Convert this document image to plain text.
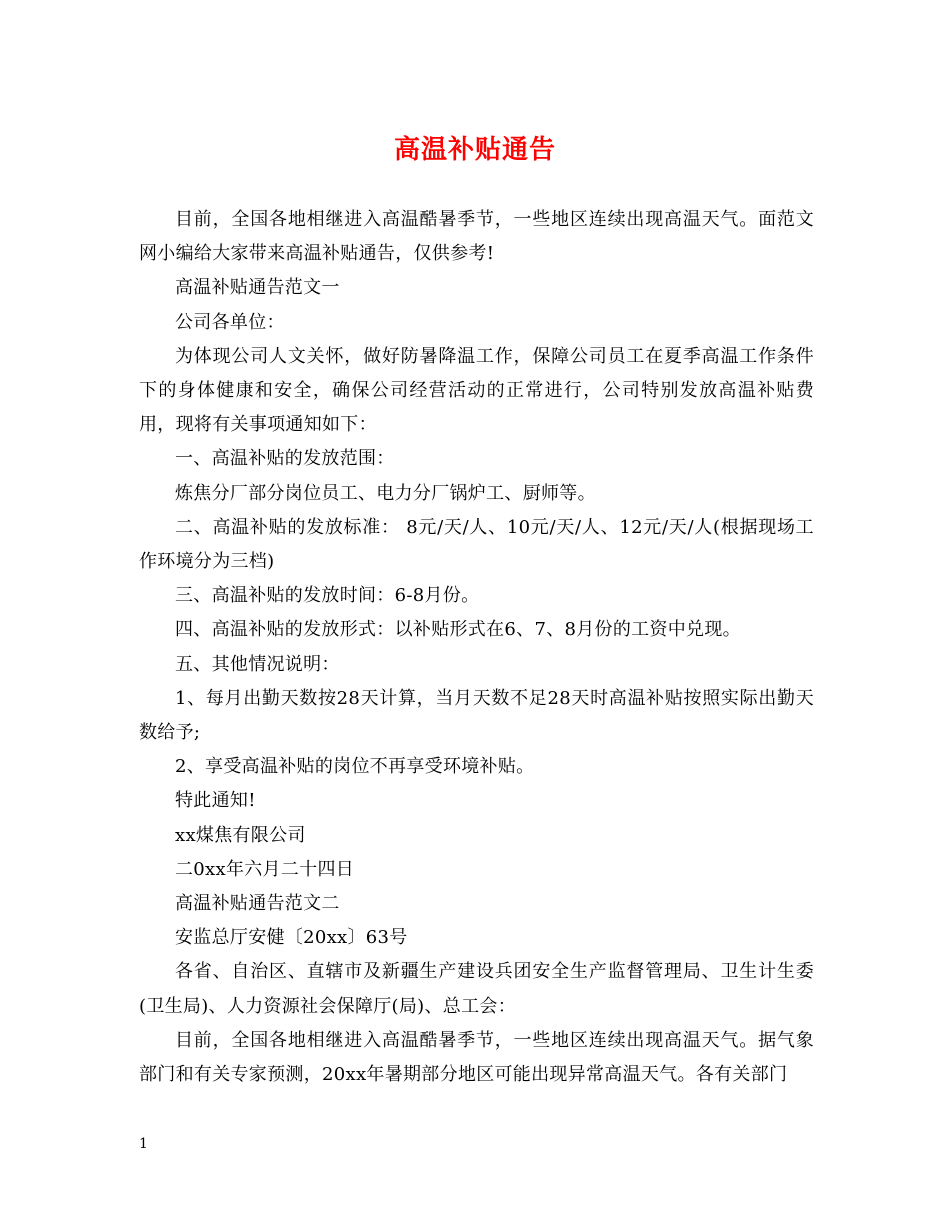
高温补贴通告

目前，全国各地相继进入高温酷暑季节，一些地区连续出现高温天气。面范文网小编给大家带来高温补贴通告，仅供参考!

高温补贴通告范文一

公司各单位：

为体现公司人文关怀，做好防暑降温工作，保障公司员工在夏季高温工作条件下的身体健康和安全，确保公司经营活动的正常进行，公司特别发放高温补贴费用，现将有关事项通知如下：

一、高温补贴的发放范围：

炼焦分厂部分岗位员工、电力分厂锅炉工、厨师等。

二、高温补贴的发放标准： 8元/天/人、10元/天/人、12元/天/人(根据现场工作环境分为三档)

三、高温补贴的发放时间：6-8月份。

四、高温补贴的发放形式：以补贴形式在6、7、8月份的工资中兑现。

五、其他情况说明：

1、每月出勤天数按28天计算，当月天数不足28天时高温补贴按照实际出勤天数给予;

2、享受高温补贴的岗位不再享受环境补贴。

特此通知!

xx煤焦有限公司

二0xx年六月二十四日

高温补贴通告范文二

安监总厅安健〔20xx〕63号

各省、自治区、直辖市及新疆生产建设兵团安全生产监督管理局、卫生计生委(卫生局)、人力资源社会保障厅(局)、总工会：

目前，全国各地相继进入高温酷暑季节，一些地区连续出现高温天气。据气象部门和有关专家预测，20xx年暑期部分地区可能出现异常高温天气。各有关部门

1
